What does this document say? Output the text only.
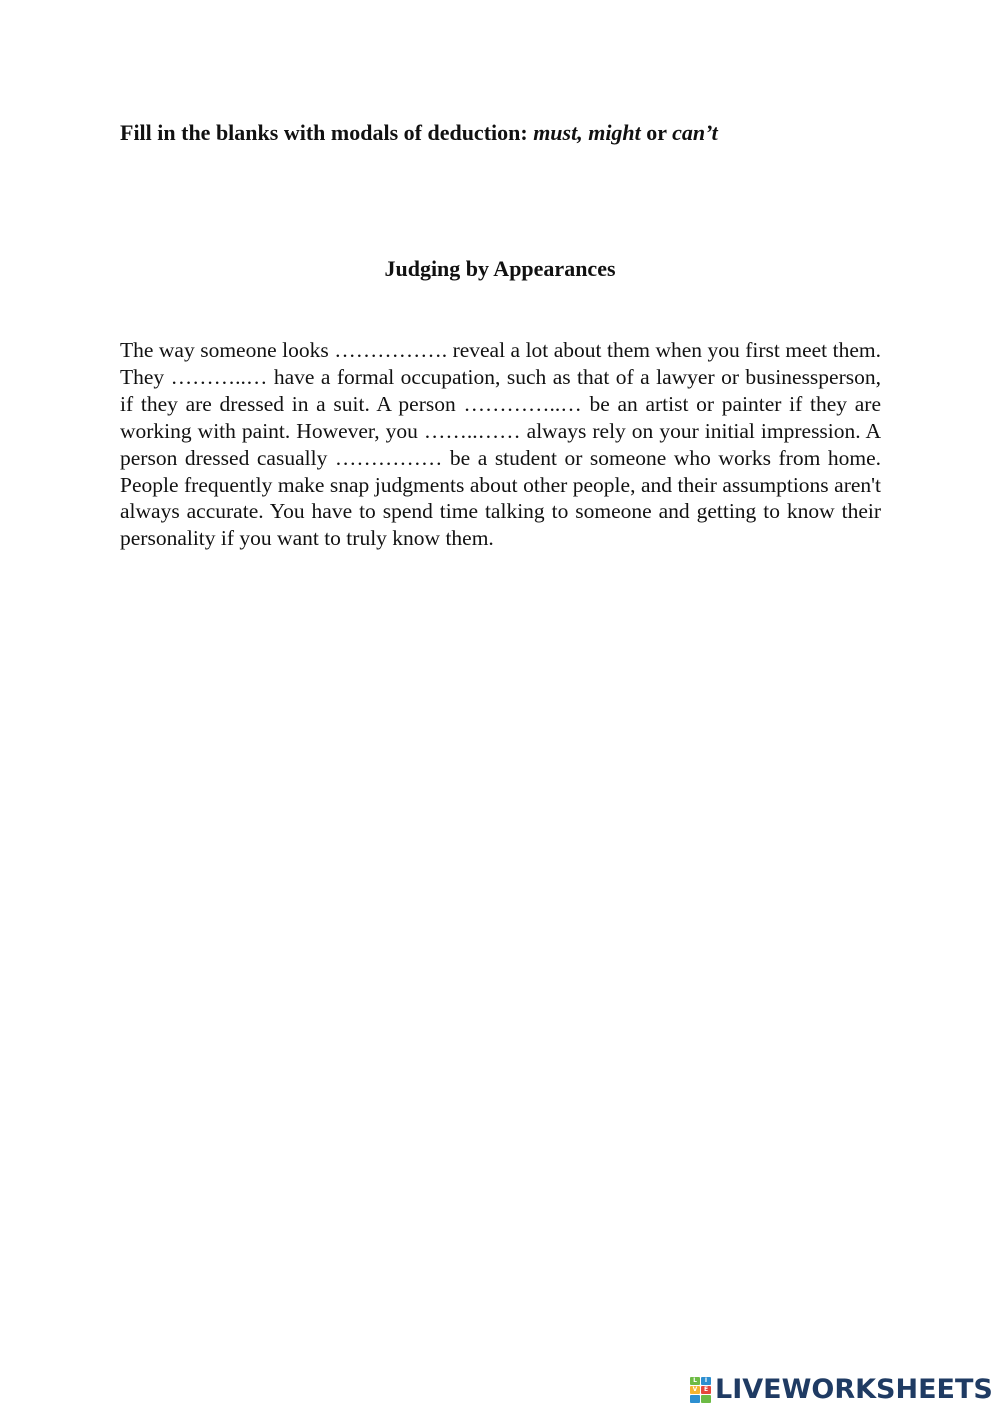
Fill in the blanks with modals of deduction: must, might or can’t
Judging by Appearances

The way someone looks ……………. reveal a lot about them when you first meet them. They ………..… have a formal occupation, such as that of a lawyer or businessperson, if they are dressed in a suit. A person …………..… be an artist or painter if they are working with paint. However, you ……..…… always rely on your initial impression. A person dressed casually …………… be a student or someone who works from home. People frequently make snap judgments about other people, and their assumptions aren't always accurate. You have to spend time talking to someone and getting to know their personality if you want to truly know them.

L	I
V	E LIVEWORKSHEETS
